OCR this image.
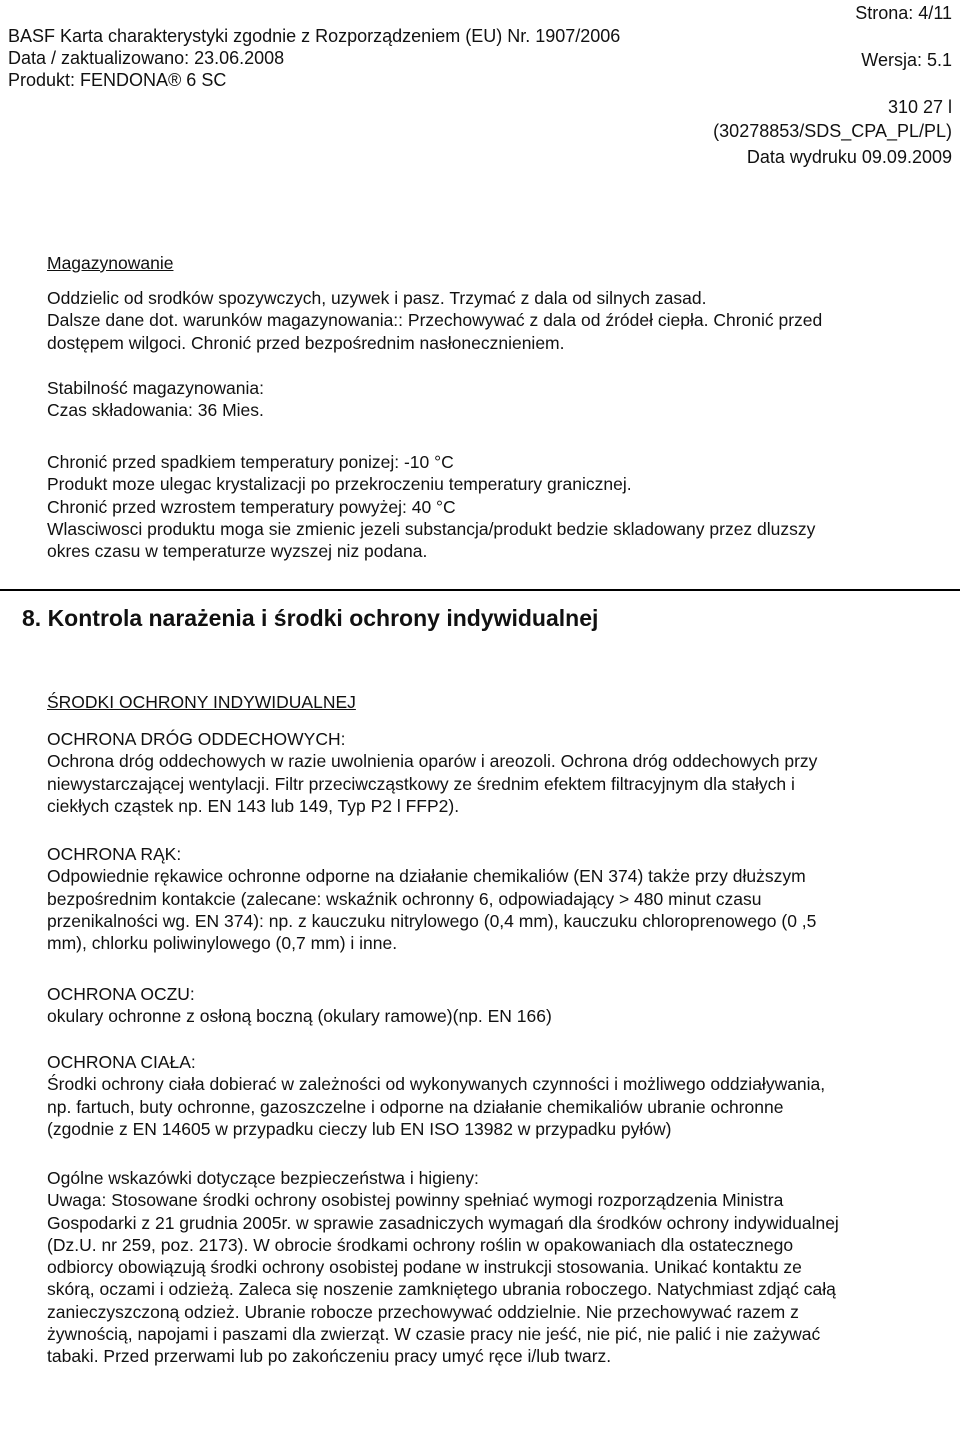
BASF Karta charakterystyki zgodnie z Rozporządzeniem (EU) Nr. 1907/2006
Data / zaktualizowano: 23.06.2008
Produkt: FENDONA® 6 SC
Strona: 4/11
Wersja: 5.1
310 27 l
(30278853/SDS_CPA_PL/PL)
Data wydruku 09.09.2009
Magazynowanie
Oddzielic od srodków spozywczych, uzywek i pasz. Trzymać z dala od silnych zasad.
Dalsze dane dot. warunków magazynowania:: Przechowywać z dala od źródeł ciepła. Chronić przed
dostępem wilgoci. Chronić przed bezpośrednim nasłonecznieniem.
Stabilność magazynowania:
Czas składowania: 36 Mies.
Chronić przed spadkiem temperatury ponizej: -10 °C
Produkt moze ulegac krystalizacji po przekroczeniu temperatury granicznej.
Chronić przed wzrostem temperatury powyżej: 40 °C
Wlasciwosci produktu moga sie zmienic jezeli substancja/produkt bedzie skladowany przez dluzszy
okres czasu w temperaturze wyzszej niz podana.
8. Kontrola narażenia i środki ochrony indywidualnej
ŚRODKI OCHRONY INDYWIDUALNEJ
OCHRONA DRÓG ODDECHOWYCH:
Ochrona dróg oddechowych w razie uwolnienia oparów i areozoli. Ochrona dróg oddechowych przy
niewystarczającej wentylacji. Filtr przeciwcząstkowy ze średnim efektem filtracyjnym dla stałych i
ciekłych cząstek np. EN 143 lub 149, Typ P2 l FFP2).
OCHRONA RĄK:
Odpowiednie rękawice ochronne odporne na działanie chemikaliów (EN 374) także przy dłuższym
bezpośrednim kontakcie (zalecane: wskaźnik ochronny 6, odpowiadający > 480 minut czasu
przenikalności wg. EN 374): np. z kauczuku nitrylowego (0,4 mm), kauczuku chloroprenowego (0 ,5
mm), chlorku poliwinylowego (0,7 mm) i inne.
OCHRONA OCZU:
okulary ochronne z osłoną boczną (okulary ramowe)(np. EN 166)
OCHRONA CIAŁA:
Środki ochrony ciała dobierać w zależności od wykonywanych czynności i możliwego oddziaływania,
np. fartuch, buty ochronne, gazoszczelne i odporne na działanie chemikaliów ubranie ochronne
(zgodnie z EN 14605 w przypadku cieczy lub EN ISO 13982 w przypadku pyłów)
Ogólne wskazówki dotyczące bezpieczeństwa i higieny:
Uwaga: Stosowane środki ochrony osobistej powinny spełniać wymogi rozporządzenia Ministra
Gospodarki z 21 grudnia 2005r. w sprawie zasadniczych wymagań dla środków ochrony indywidualnej
(Dz.U. nr 259, poz. 2173). W obrocie środkami ochrony roślin w opakowaniach dla ostatecznego
odbiorcy obowiązują środki ochrony osobistej podane w instrukcji stosowania. Unikać kontaktu ze
skórą, oczami i odzieżą. Zaleca się noszenie zamkniętego ubrania roboczego. Natychmiast zdjąć całą
zanieczyszczoną odzież. Ubranie robocze przechowywać oddzielnie. Nie przechowywać razem z
żywnością, napojami i paszami dla zwierząt. W czasie pracy nie jeść, nie pić, nie palić i nie zażywać
tabaki. Przed przerwami lub po zakończeniu pracy umyć ręce i/lub twarz.
